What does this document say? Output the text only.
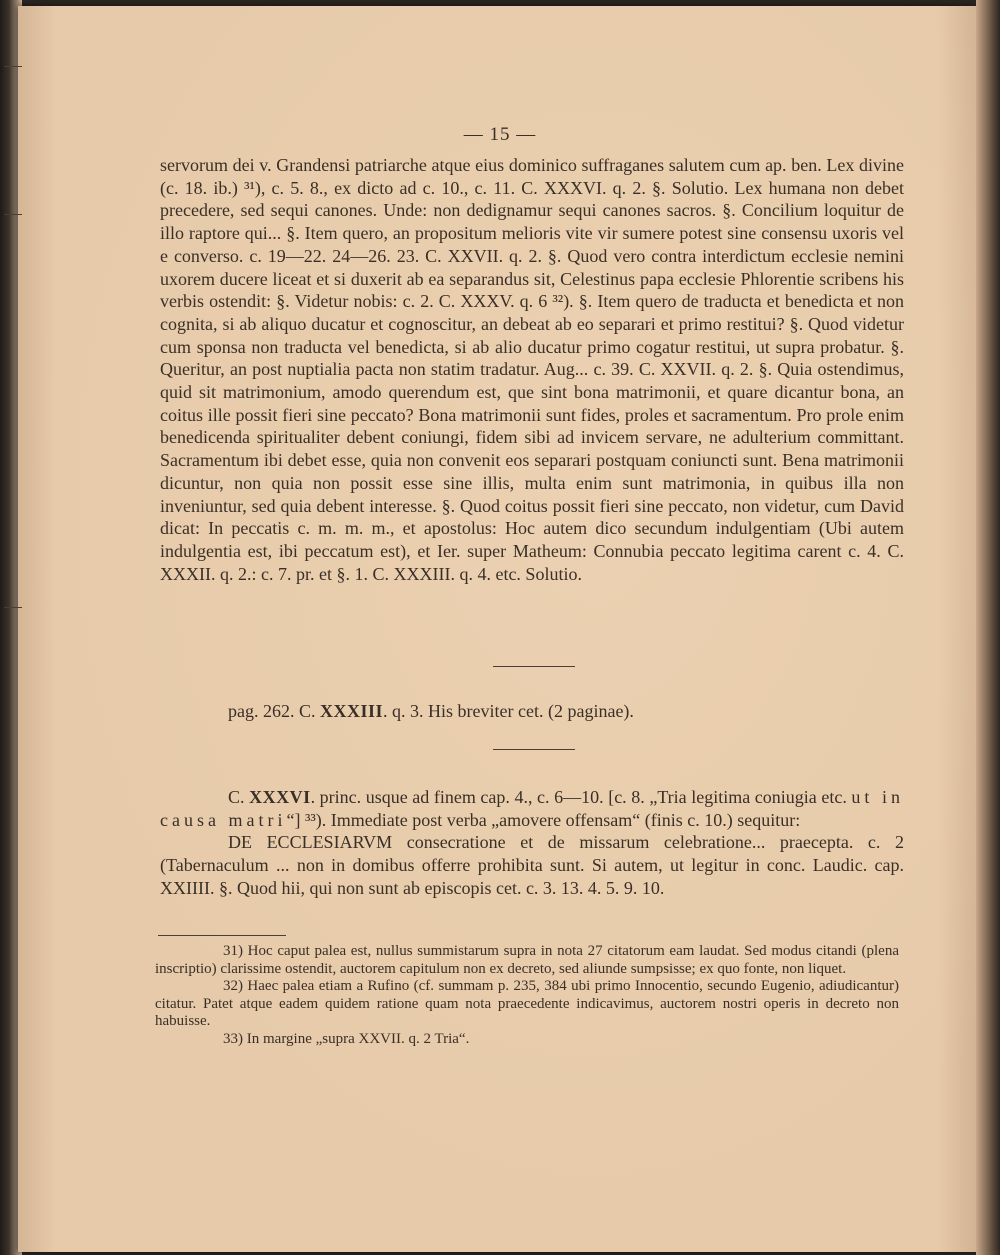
— 15 —

servorum dei v. Grandensi patriarche atque eius dominico suffraganes salutem cum ap. ben. Lex divine (c. 18. ib.) ³¹), c. 5. 8., ex dicto ad c. 10., c. 11. C. XXXVI. q. 2. §. Solutio. Lex humana non debet precedere, sed sequi canones. Unde: non dedignamur sequi canones sacros. §. Concilium loquitur de illo raptore qui... §. Item quero, an propositum melioris vite vir sumere potest sine consensu uxoris vel e converso. c. 19—22. 24—26. 23. C. XXVII. q. 2. §. Quod vero contra interdictum ecclesie nemini uxorem ducere liceat et si duxerit ab ea separandus sit, Celestinus papa ecclesie Phlorentie scribens his verbis ostendit: §. Videtur nobis: c. 2. C. XXXV. q. 6 ³²). §. Item quero de traducta et benedicta et non cognita, si ab aliquo ducatur et cognoscitur, an debeat ab eo separari et primo restitui? §. Quod videtur cum sponsa non traducta vel benedicta, si ab alio ducatur primo cogatur restitui, ut supra probatur. §. Queritur, an post nuptialia pacta non statim tradatur. Aug... c. 39. C. XXVII. q. 2. §. Quia ostendimus, quid sit matrimonium, amodo querendum est, que sint bona matrimonii, et quare dicantur bona, an coitus ille possit fieri sine peccato? Bona matrimonii sunt fides, proles et sacramentum. Pro prole enim benedicenda spiritualiter debent coniungi, fidem sibi ad invicem servare, ne adulterium committant. Sacramentum ibi debet esse, quia non convenit eos separari postquam coniuncti sunt. Bena matrimonii dicuntur, non quia non possit esse sine illis, multa enim sunt matrimonia, in quibus illa non inveniuntur, sed quia debent interesse. §. Quod coitus possit fieri sine peccato, non videtur, cum David dicat: In peccatis c. m. m. m., et apostolus: Hoc autem dico secundum indulgentiam (Ubi autem indulgentia est, ibi peccatum est), et Ier. super Matheum: Connubia peccato legitima carent c. 4. C. XXXII. q. 2.: c. 7. pr. et §. 1. C. XXXIII. q. 4. etc. Solutio.

pag. 262. C. XXXIII. q. 3. His breviter cet. (2 paginae).

C. XXXVI. princ. usque ad finem cap. 4., c. 6—10. [c. 8. „Tria legitima coniugia etc. ut in causa matri“] ³³). Immediate post verba „amovere offensam“ (finis c. 10.) sequitur:

DE ECCLESIARVM consecratione et de missarum celebratione... praecepta. c. 2 (Tabernaculum ... non in domibus offerre prohibita sunt. Si autem, ut legitur in conc. Laudic. cap. XXIIII. §. Quod hii, qui non sunt ab episcopis cet. c. 3. 13. 4. 5. 9. 10.

31) Hoc caput palea est, nullus summistarum supra in nota 27 citatorum eam laudat. Sed modus citandi (plena inscriptio) clarissime ostendit, auctorem capitulum non ex decreto, sed aliunde sumpsisse; ex quo fonte, non liquet.

32) Haec palea etiam a Rufino (cf. summam p. 235, 384 ubi primo Innocentio, secundo Eugenio, adiudicantur) citatur. Patet atque eadem quidem ratione quam nota praecedente indicavimus, auctorem nostri operis in decreto non habuisse.

33) In margine „supra XXVII. q. 2 Tria“.
